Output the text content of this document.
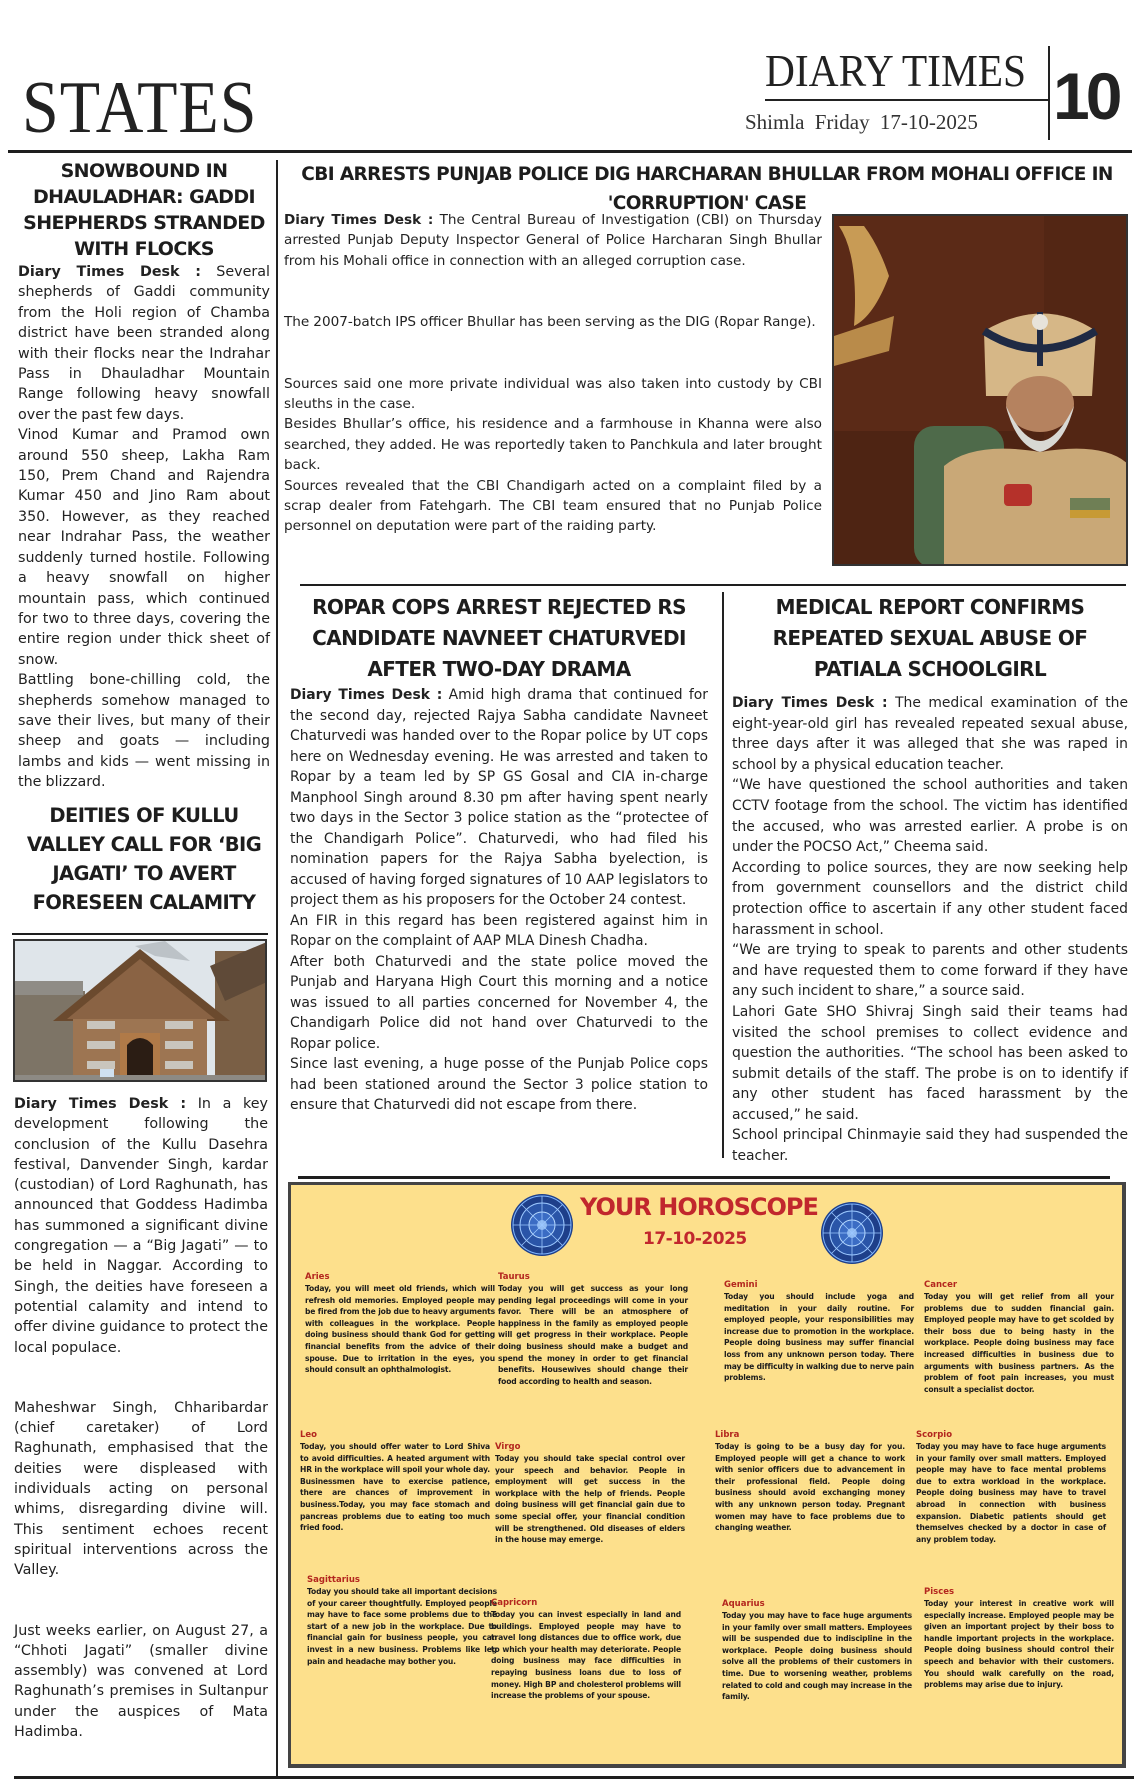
STATES	DIARY TIMES
Shimla Friday 17-10-2025 10
SNOWBOUND IN DHAULADHAR: GADDI SHEPHERDS STRANDED WITH FLOCKS

Diary Times Desk : Several shepherds of Gaddi community from the Holi region of Chamba district have been stranded along with their flocks near the Indrahar Pass in Dhauladhar Mountain Range following heavy snowfall over the past few days.

Vinod Kumar and Pramod own around 550 sheep, Lakha Ram 150, Prem Chand and Rajendra Kumar 450 and Jino Ram about 350. However, as they reached near Indrahar Pass, the weather suddenly turned hostile. Following a heavy snowfall on higher mountain pass, which continued for two to three days, covering the entire region under thick sheet of snow.

Battling bone-chilling cold, the shepherds somehow managed to save their lives, but many of their sheep and goats — including lambs and kids — went missing in the blizzard.

DEITIES OF KULLU VALLEY CALL FOR ‘BIG JAGATI’ TO AVERT FORESEEN CALAMITY

Diary Times Desk : In a key development following the conclusion of the Kullu Dasehra festival, Danvender Singh, kardar (custodian) of Lord Raghunath, has announced that Goddess Hadimba has summoned a significant divine congregation — a “Big Jagati” — to be held in Naggar. According to Singh, the deities have foreseen a potential calamity and intend to offer divine guidance to protect the local populace.

Maheshwar Singh, Chharibardar (chief caretaker) of Lord Raghunath, emphasised that the deities were displeased with individuals acting on personal whims, disregarding divine will. This sentiment echoes recent spiritual interventions across the Valley.

Just weeks earlier, on August 27, a “Chhoti Jagati” (smaller divine assembly) was convened at Lord Raghunath’s premises in Sultanpur under the auspices of Mata Hadimba.

CBI ARRESTS PUNJAB POLICE DIG HARCHARAN BHULLAR FROM MOHALI OFFICE IN 'CORRUPTION' CASE

Diary Times Desk : The Central Bureau of Investigation (CBI) on Thursday arrested Punjab Deputy Inspector General of Police Harcharan Singh Bhullar from his Mohali office in connection with an alleged corruption case.

The 2007-batch IPS officer Bhullar has been serving as the DIG (Ropar Range).

Sources said one more private individual was also taken into custody by CBI sleuths in the case.

Besides Bhullar’s office, his residence and a farmhouse in Khanna were also searched, they added. He was reportedly taken to Panchkula and later brought back.

Sources revealed that the CBI Chandigarh acted on a complaint filed by a scrap dealer from Fatehgarh. The CBI team ensured that no Punjab Police personnel on deputation were part of the raiding party.

ROPAR COPS ARREST REJECTED RS CANDIDATE NAVNEET CHATURVEDI AFTER TWO-DAY DRAMA

Diary Times Desk : Amid high drama that continued for the second day, rejected Rajya Sabha candidate Navneet Chaturvedi was handed over to the Ropar police by UT cops here on Wednesday evening. He was arrested and taken to Ropar by a team led by SP GS Gosal and CIA in-charge Manphool Singh around 8.30 pm after having spent nearly two days in the Sector 3 police station as the “protectee of the Chandigarh Police”. Chaturvedi, who had filed his nomination papers for the Rajya Sabha byelection, is accused of having forged signatures of 10 AAP legislators to project them as his proposers for the October 24 contest.

An FIR in this regard has been registered against him in Ropar on the complaint of AAP MLA Dinesh Chadha.

After both Chaturvedi and the state police moved the Punjab and Haryana High Court this morning and a notice was issued to all parties concerned for November 4, the Chandigarh Police did not hand over Chaturvedi to the Ropar police.

Since last evening, a huge posse of the Punjab Police cops had been stationed around the Sector 3 police station to ensure that Chaturvedi did not escape from there.

MEDICAL REPORT CONFIRMS REPEATED SEXUAL ABUSE OF PATIALA SCHOOLGIRL

Diary Times Desk : The medical examination of the eight-year-old girl has revealed repeated sexual abuse, three days after it was alleged that she was raped in school by a physical education teacher.

“We have questioned the school authorities and taken CCTV footage from the school. The victim has identified the accused, who was arrested earlier. A probe is on under the POCSO Act,” Cheema said.

According to police sources, they are now seeking help from government counsellors and the district child protection office to ascertain if any other student faced harassment in school.

“We are trying to speak to parents and other students and have requested them to come forward if they have any such incident to share,” a source said.

Lahori Gate SHO Shivraj Singh said their teams had visited the school premises to collect evidence and question the authorities. “The school has been asked to submit details of the staff. The probe is on to identify if any other student has faced harassment by the accused,” he said.

School principal Chinmayie said they had suspended the teacher.

YOUR HOROSCOPE
17-10-2025
Aries
Today, you will meet old friends, which will refresh old memories. Employed people may be fired from the job due to heavy arguments with colleagues in the workplace. People doing business should thank God for getting financial benefits from the advice of their spouse. Due to irritation in the eyes, you should consult an ophthalmologist.
Taurus
Today you will get success as your long pending legal proceedings will come in your favor. There will be an atmosphere of happiness in the family as employed people will get progress in their workplace. People doing business should make a budget and spend the money in order to get financial benefits. Housewives should change their food according to health and season.
Gemini
Today you should include yoga and meditation in your daily routine. For employed people, your responsibilities may increase due to promotion in the workplace. People doing business may suffer financial loss from any unknown person today. There may be difficulty in walking due to nerve pain problems.
Cancer
Today you will get relief from all your problems due to sudden financial gain. Employed people may have to get scolded by their boss due to being hasty in the workplace. People doing business may face increased difficulties in business due to arguments with business partners. As the problem of foot pain increases, you must consult a specialist doctor.
Leo
Today, you should offer water to Lord Shiva to avoid difficulties. A heated argument with HR in the workplace will spoil your whole day. Businessmen have to exercise patience, there are chances of improvement in business.Today, you may face stomach and pancreas problems due to eating too much fried food.
Virgo
Today you should take special control over your speech and behavior. People in employment will get success in the workplace with the help of friends. People doing business will get financial gain due to some special offer, your financial condition will be strengthened. Old diseases of elders in the house may emerge.
Libra
Today is going to be a busy day for you. Employed people will get a chance to work with senior officers due to advancement in their professional field. People doing business should avoid exchanging money with any unknown person today. Pregnant women may have to face problems due to changing weather.
Scorpio
Today you may have to face huge arguments in your family over small matters. Employed people may have to face mental problems due to extra workload in the workplace. People doing business may have to travel abroad in connection with business expansion. Diabetic patients should get themselves checked by a doctor in case of any problem today.
Sagittarius
Today you should take all important decisions of your career thoughtfully. Employed people may have to face some problems due to the start of a new job in the workplace. Due to financial gain for business people, you can invest in a new business. Problems like leg pain and headache may bother you.
Capricorn
Today you can invest especially in land and buildings. Employed people may have to travel long distances due to office work, due to which your health may deteriorate. People doing business may face difficulties in repaying business loans due to loss of money. High BP and cholesterol problems will increase the problems of your spouse.
Aquarius
Today you may have to face huge arguments in your family over small matters. Employees will be suspended due to indiscipline in the workplace. People doing business should solve all the problems of their customers in time. Due to worsening weather, problems related to cold and cough may increase in the family.
Pisces
Today your interest in creative work will especially increase. Employed people may be given an important project by their boss to handle important projects in the workplace. People doing business should control their speech and behavior with their customers. You should walk carefully on the road, problems may arise due to injury.
